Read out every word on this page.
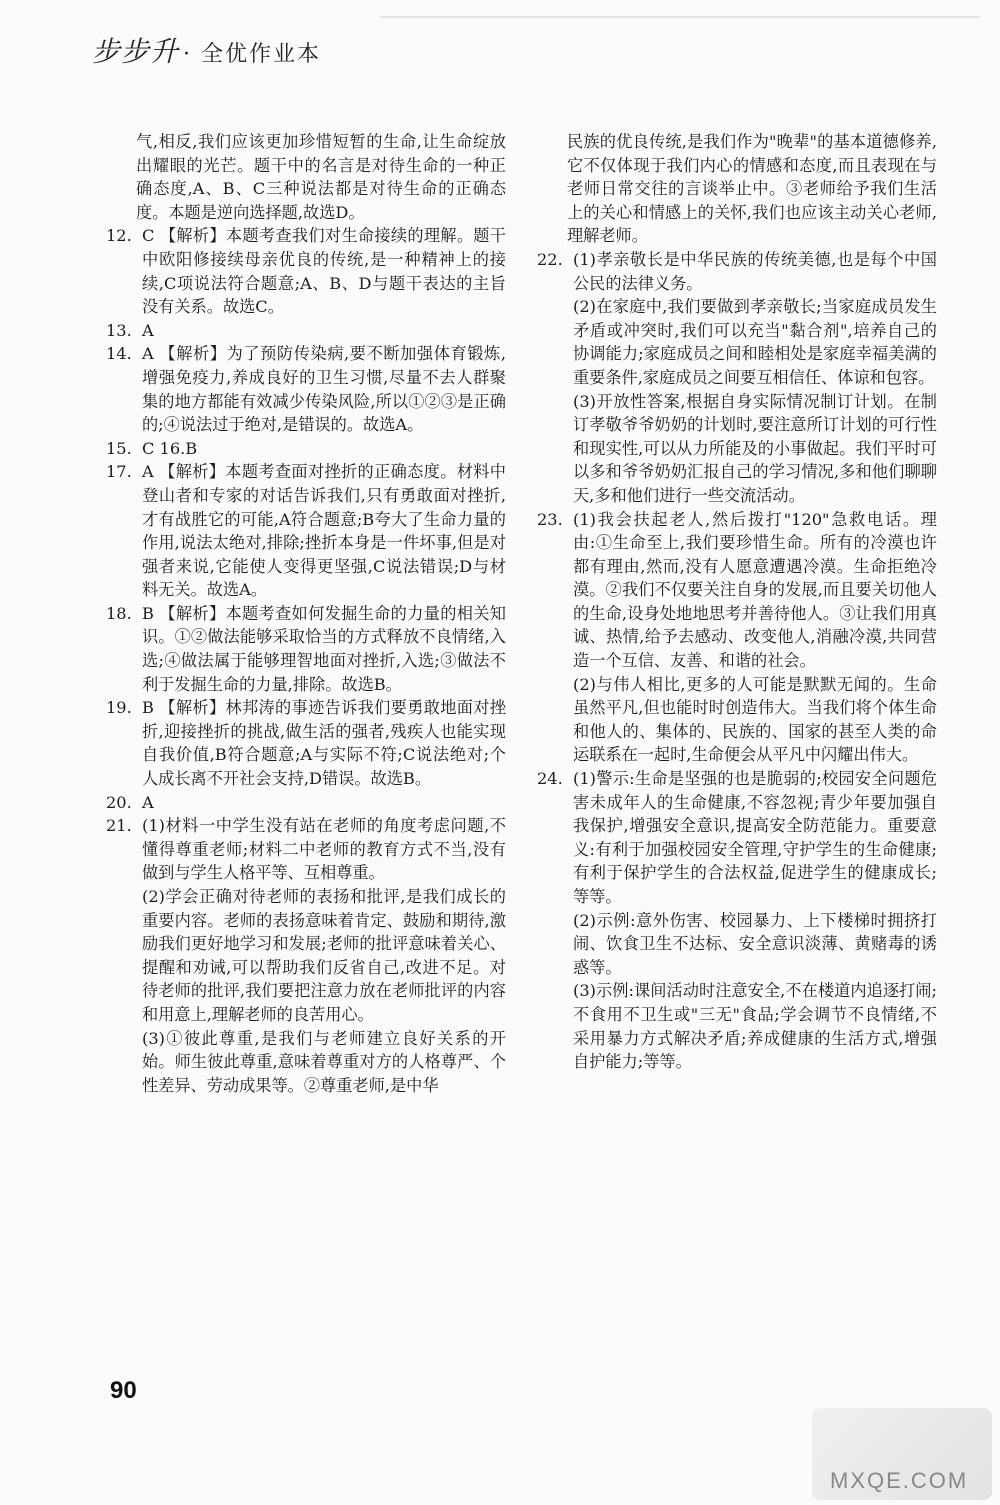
步步升 · 全优作业本

气,相反,我们应该更加珍惜短暂的生命,让生命绽放出耀眼的光芒。题干中的名言是对待生命的一种正确态度,A、B、C三种说法都是对待生命的正确态度。本题是逆向选择题,故选D。

12. C 【解析】本题考查我们对生命接续的理解。题干中欧阳修接续母亲优良的传统,是一种精神上的接续,C项说法符合题意;A、B、D与题干表达的主旨没有关系。故选C。
13. A
14. A 【解析】为了预防传染病,要不断加强体育锻炼,增强免疫力,养成良好的卫生习惯,尽量不去人群聚集的地方都能有效减少传染风险,所以①②③是正确的;④说法过于绝对,是错误的。故选A。
15. C 16.B
17. A 【解析】本题考查面对挫折的正确态度。材料中登山者和专家的对话告诉我们,只有勇敢面对挫折,才有战胜它的可能,A符合题意;B夸大了生命力量的作用,说法太绝对,排除;挫折本身是一件坏事,但是对强者来说,它能使人变得更坚强,C说法错误;D与材料无关。故选A。
18. B 【解析】本题考查如何发掘生命的力量的相关知识。①②做法能够采取恰当的方式释放不良情绪,入选;④做法属于能够理智地面对挫折,入选;③做法不利于发掘生命的力量,排除。故选B。
19. B 【解析】林邦涛的事迹告诉我们要勇敢地面对挫折,迎接挫折的挑战,做生活的强者,残疾人也能实现自我价值,B符合题意;A与实际不符;C说法绝对;个人成长离不开社会支持,D错误。故选B。
20. A
21. (1)材料一中学生没有站在老师的角度考虑问题,不懂得尊重老师;材料二中老师的教育方式不当,没有做到与学生人格平等、互相尊重。

(2)学会正确对待老师的表扬和批评,是我们成长的重要内容。老师的表扬意味着肯定、鼓励和期待,激励我们更好地学习和发展;老师的批评意味着关心、提醒和劝诫,可以帮助我们反省自己,改进不足。对待老师的批评,我们要把注意力放在老师批评的内容和用意上,理解老师的良苦用心。

(3)①彼此尊重,是我们与老师建立良好关系的开始。师生彼此尊重,意味着尊重对方的人格尊严、个性差异、劳动成果等。②尊重老师,是中华

民族的优良传统,是我们作为"晚辈"的基本道德修养,它不仅体现于我们内心的情感和态度,而且表现在与老师日常交往的言谈举止中。③老师给予我们生活上的关心和情感上的关怀,我们也应该主动关心老师,理解老师。

22. (1)孝亲敬长是中华民族的传统美德,也是每个中国公民的法律义务。

(2)在家庭中,我们要做到孝亲敬长;当家庭成员发生矛盾或冲突时,我们可以充当"黏合剂",培养自己的协调能力;家庭成员之间和睦相处是家庭幸福美满的重要条件,家庭成员之间要互相信任、体谅和包容。

(3)开放性答案,根据自身实际情况制订计划。在制订孝敬爷爷奶奶的计划时,要注意所订计划的可行性和现实性,可以从力所能及的小事做起。我们平时可以多和爷爷奶奶汇报自己的学习情况,多和他们聊聊天,多和他们进行一些交流活动。

23. (1)我会扶起老人,然后拨打"120"急救电话。理由:①生命至上,我们要珍惜生命。所有的冷漠也许都有理由,然而,没有人愿意遭遇冷漠。生命拒绝冷漠。②我们不仅要关注自身的发展,而且要关切他人的生命,设身处地地思考并善待他人。③让我们用真诚、热情,给予去感动、改变他人,消融冷漠,共同营造一个互信、友善、和谐的社会。

(2)与伟人相比,更多的人可能是默默无闻的。生命虽然平凡,但也能时时创造伟大。当我们将个体生命和他人的、集体的、民族的、国家的甚至人类的命运联系在一起时,生命便会从平凡中闪耀出伟大。

24. (1)警示:生命是坚强的也是脆弱的;校园安全问题危害未成年人的生命健康,不容忽视;青少年要加强自我保护,增强安全意识,提高安全防范能力。重要意义:有利于加强校园安全管理,守护学生的生命健康;有利于保护学生的合法权益,促进学生的健康成长;等等。

(2)示例:意外伤害、校园暴力、上下楼梯时拥挤打闹、饮食卫生不达标、安全意识淡薄、黄赌毒的诱惑等。

(3)示例:课间活动时注意安全,不在楼道内追逐打闹;不食用不卫生或"三无"食品;学会调节不良情绪,不采用暴力方式解决矛盾;养成健康的生活方式,增强自护能力;等等。

90
MXQE.COM
